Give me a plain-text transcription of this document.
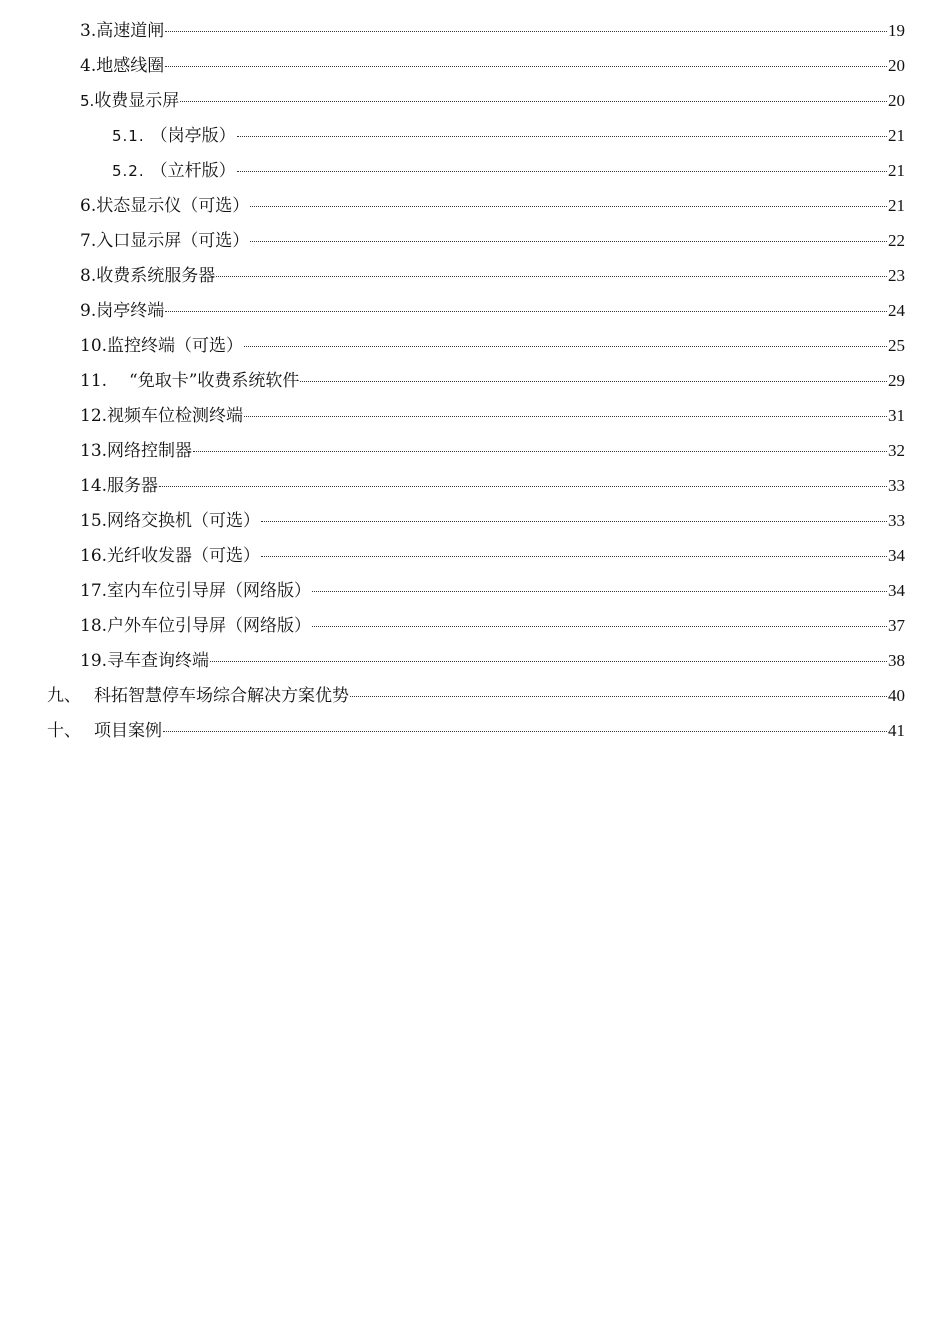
3. 高速道闸	19
4. 地感线圈	20
5. 收费显示屏	20
5.1. （岗亭版）	21
5.2. （立杆版）	21
6. 状态显示仪（可选）	21
7. 入口显示屏（可选）	22
8. 收费系统服务器	23
9. 岗亭终端	24
10. 监控终端（可选）	25
11. “免取卡”收费系统软件	29
12. 视频车位检测终端	31
13. 网络控制器	32
14. 服务器	33
15. 网络交换机（可选）	33
16. 光纤收发器（可选）	34
17. 室内车位引导屏（网络版）	34
18. 户外车位引导屏（网络版）	37
19. 寻车查询终端	38
九、 科拓智慧停车场综合解决方案优势	40
十、 项目案例	41
